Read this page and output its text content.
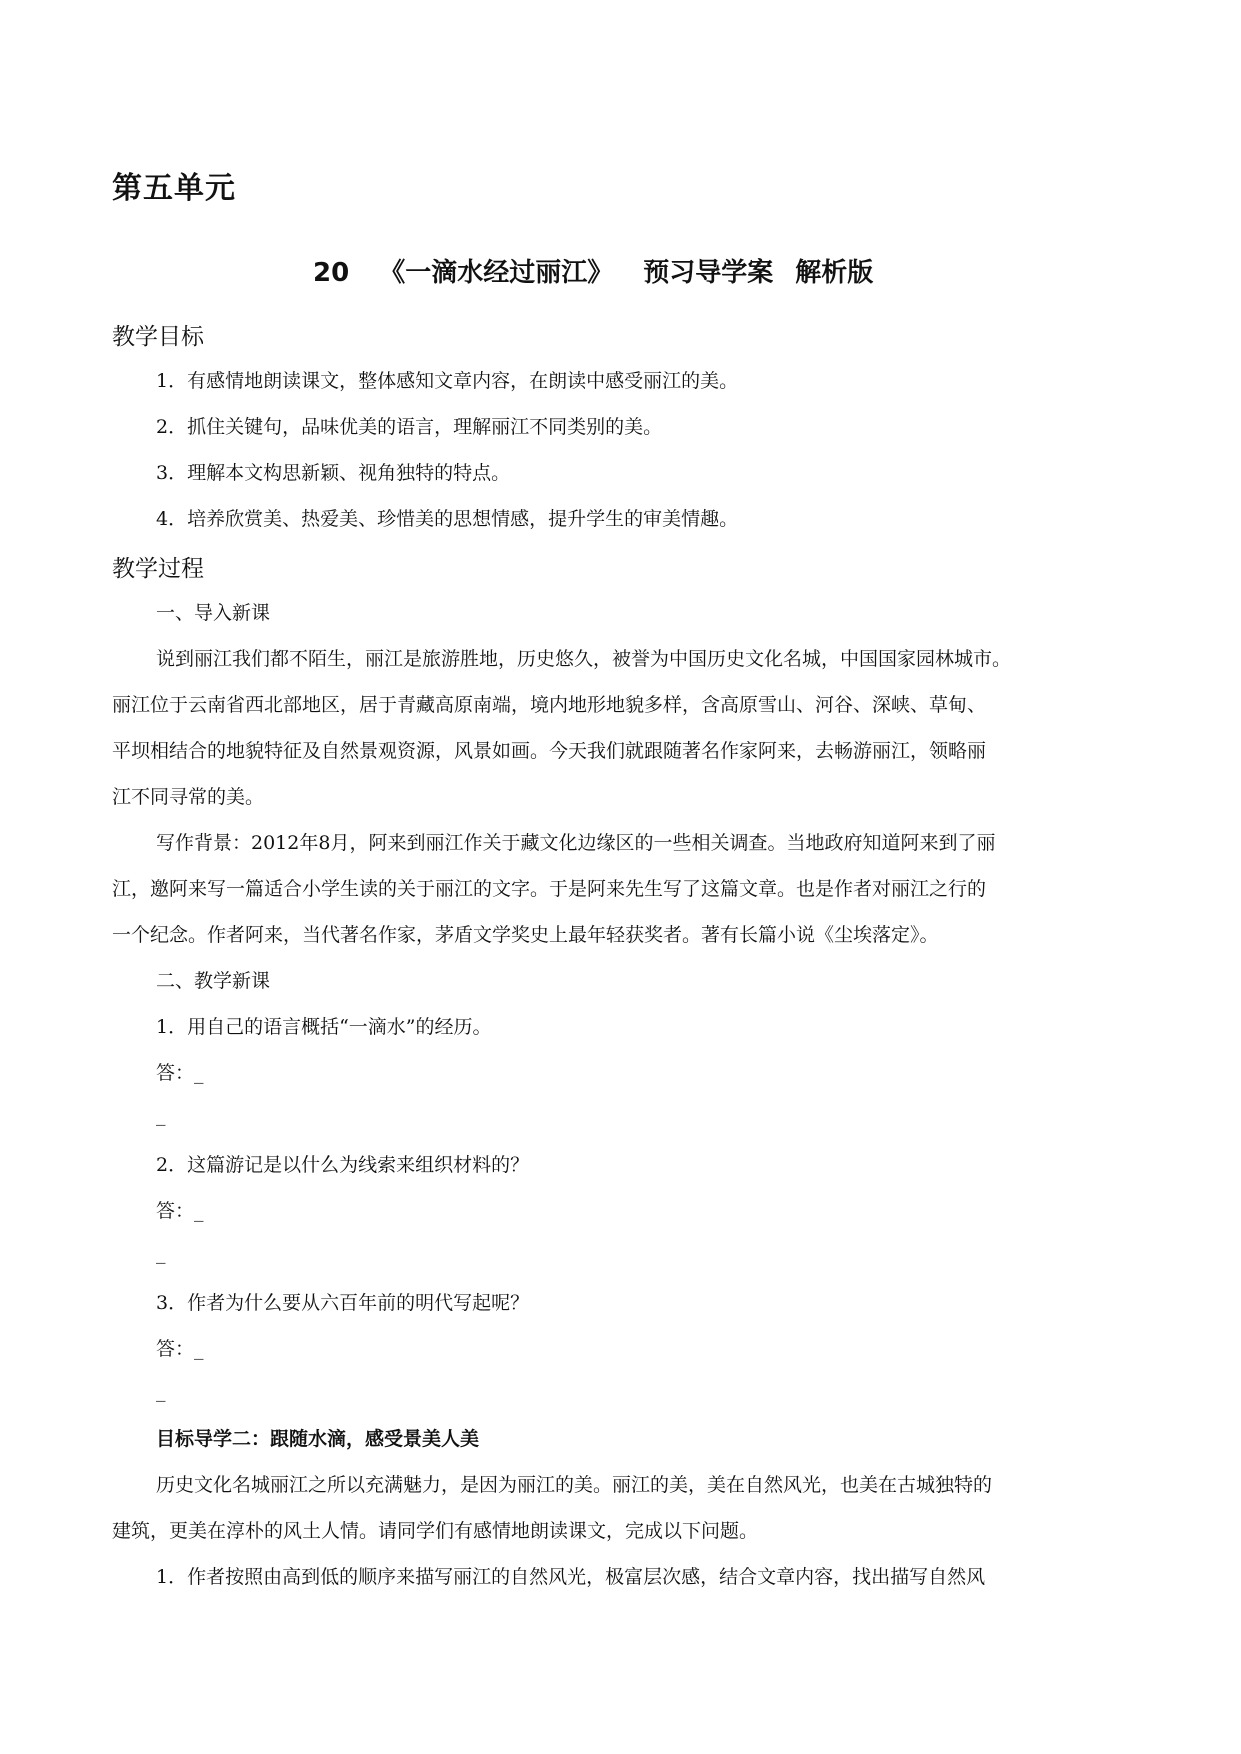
第五单元
20 《一滴水经过丽江》 预习导学案 解析版
教学目标
1．有感情地朗读课文，整体感知文章内容，在朗读中感受丽江的美。
2．抓住关键句，品味优美的语言，理解丽江不同类别的美。
3．理解本文构思新颖、视角独特的特点。
4．培养欣赏美、热爱美、珍惜美的思想情感，提升学生的审美情趣。
教学过程
一、导入新课
说到丽江我们都不陌生，丽江是旅游胜地，历史悠久，被誉为中国历史文化名城，中国国家园林城市。
丽江位于云南省西北部地区，居于青藏高原南端，境内地形地貌多样，含高原雪山、河谷、深峡、草甸、
平坝相结合的地貌特征及自然景观资源，风景如画。今天我们就跟随著名作家阿来，去畅游丽江，领略丽
江不同寻常的美。
写作背景：2012年8月，阿来到丽江作关于藏文化边缘区的一些相关调查。当地政府知道阿来到了丽
江，邀阿来写一篇适合小学生读的关于丽江的文字。于是阿来先生写了这篇文章。也是作者对丽江之行的
一个纪念。作者阿来，当代著名作家，茅盾文学奖史上最年轻获奖者。著有长篇小说《尘埃落定》。
二、教学新课
1．用自己的语言概括“一滴水”的经历。
答：_
_
2．这篇游记是以什么为线索来组织材料的？
答：_
_
3．作者为什么要从六百年前的明代写起呢？
答：_
_
目标导学二：跟随水滴，感受景美人美
历史文化名城丽江之所以充满魅力，是因为丽江的美。丽江的美，美在自然风光，也美在古城独特的
建筑，更美在淳朴的风土人情。请同学们有感情地朗读课文，完成以下问题。
1．作者按照由高到低的顺序来描写丽江的自然风光，极富层次感，结合文章内容，找出描写自然风
